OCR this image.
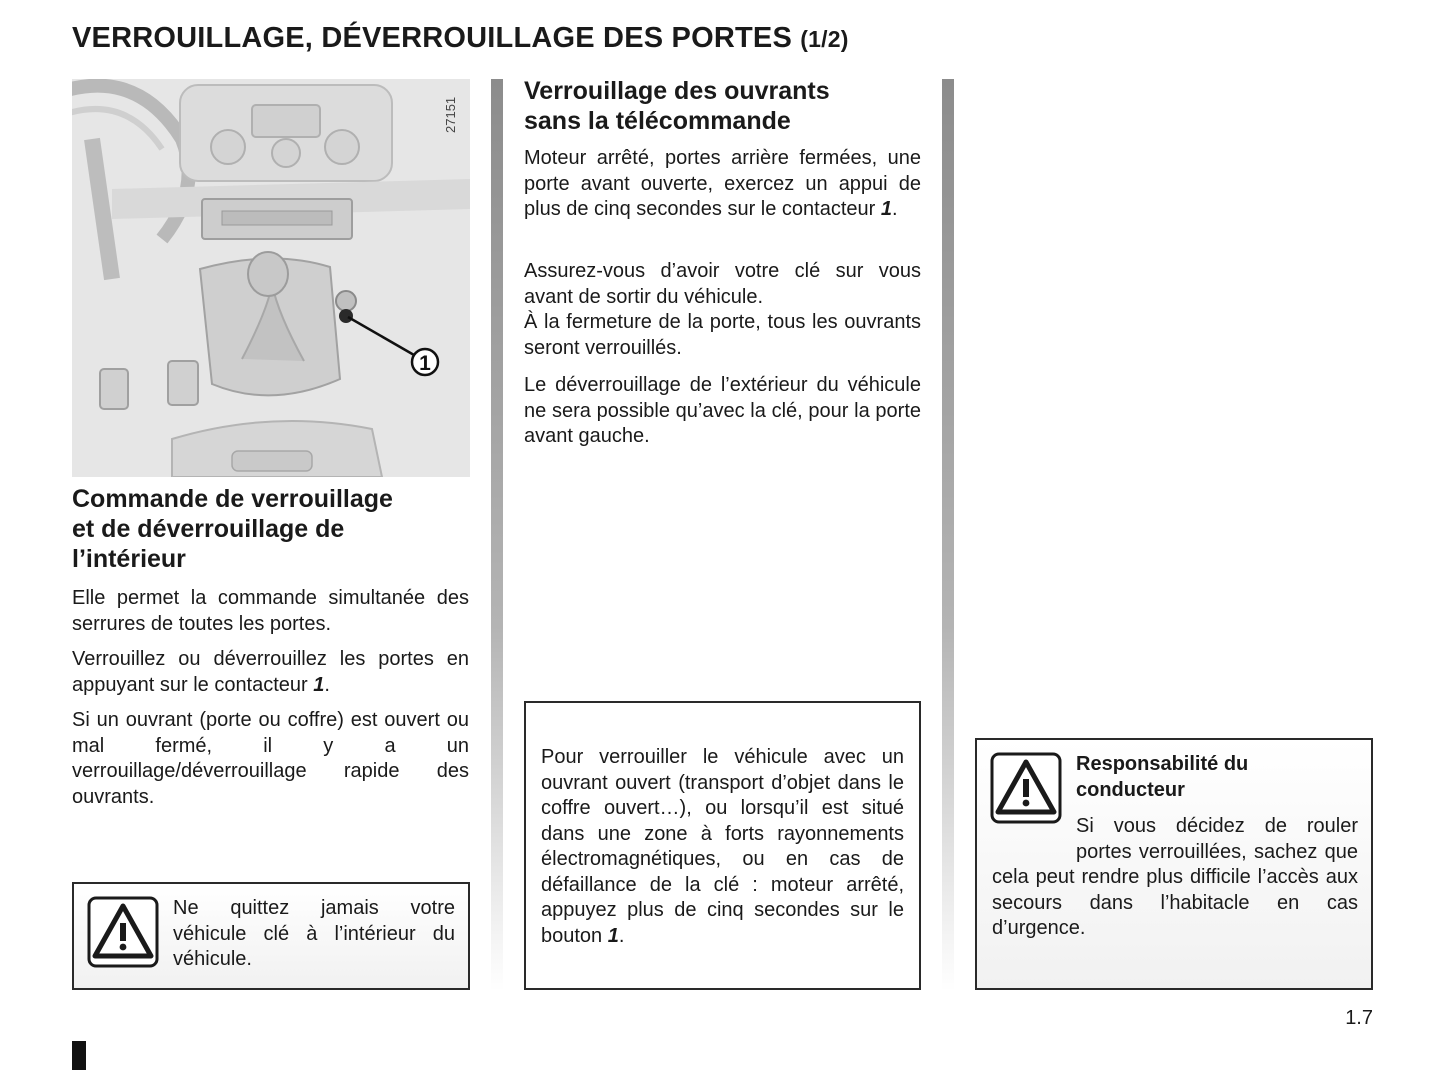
VERROUILLAGE, DÉVERROUILLAGE DES PORTES (1/2)
1
27151
Commande de verrouillage
et de déverrouillage de
l’intérieur

Elle permet la commande simultanée des serrures de toutes les portes.

Verrouillez ou déverrouillez les portes en appuyant sur le contacteur 1.

Si un ouvrant (porte ou coffre) est ouvert ou mal fermé, il y a un verrouillage/déverrouillage rapide des ouvrants.

Ne quittez jamais votre véhicule clé à l’intérieur du véhicule.

Verrouillage des ouvrants
sans la télécommande

Moteur arrêté, portes arrière fermées, une porte avant ouverte, exercez un appui de plus de cinq secondes sur le contacteur 1.

Assurez-vous d’avoir votre clé sur vous avant de sortir du véhicule.

À la fermeture de la porte, tous les ouvrants seront verrouillés.

Le déverrouillage de l’extérieur du véhicule ne sera possible qu’avec la clé, pour la porte avant gauche.

Pour verrouiller le véhicule avec un ouvrant ouvert (transport d’objet dans le coffre ouvert…), ou lorsqu’il est situé dans une zone à forts rayonnements électromagnétiques, ou en cas de défaillance de la clé : moteur arrêté, appuyez plus de cinq secondes sur le bouton 1.

Responsabilité du
conducteur

Si vous décidez de rouler portes verrouillées, sachez que cela peut rendre plus difficile l’accès aux secours dans l’habitacle en cas d’urgence.

1.7
